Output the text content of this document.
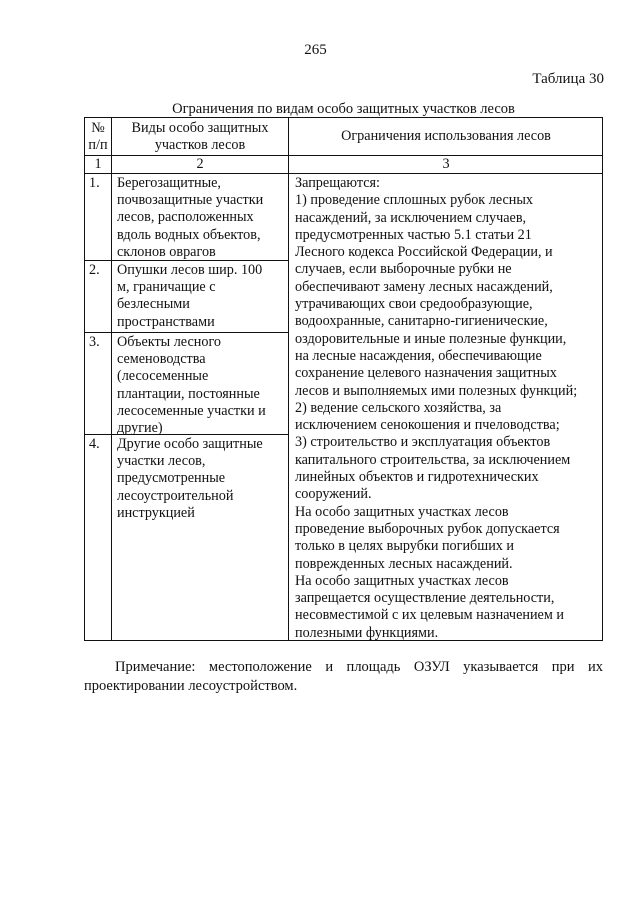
265
Таблица 30
Ограничения по видам особо защитных участков лесов
№
п/п
Виды особо защитных участков лесов
Ограничения использования лесов
1	2	3
1. Берегозащитные,
почвозащитные участки
лесов, расположенных
вдоль водных объектов,
склонов оврагов
2. Опушки лесов шир. 100
м, граничащие с
безлесными
пространствами
3. Объекты лесного
семеноводства
(лесосеменные
плантации, постоянные
лесосеменные участки и
другие)
4. Другие особо защитные
участки лесов,
предусмотренные
лесоустроительной
инструкцией
Запрещаются:
1) проведение сплошных рубок лесных
насаждений, за исключением случаев,
предусмотренных частью 5.1 статьи 21
Лесного кодекса Российской Федерации, и
случаев, если выборочные рубки не
обеспечивают замену лесных насаждений,
утрачивающих свои средообразующие,
водоохранные, санитарно-гигиенические,
оздоровительные и иные полезные функции,
на лесные насаждения, обеспечивающие
сохранение целевого назначения защитных
лесов и выполняемых ими полезных функций;
2) ведение сельского хозяйства, за
исключением сенокошения и пчеловодства;
3) строительство и эксплуатация объектов
капитального строительства, за исключением
линейных объектов и гидротехнических
сооружений.
На особо защитных участках лесов
проведение выборочных рубок допускается
только в целях вырубки погибших и
поврежденных лесных насаждений.
На особо защитных участках лесов
запрещается осуществление деятельности,
несовместимой с их целевым назначением и
полезными функциями.
Примечание: местоположение и площадь ОЗУЛ указывается при их проектировании лесоустройством.
